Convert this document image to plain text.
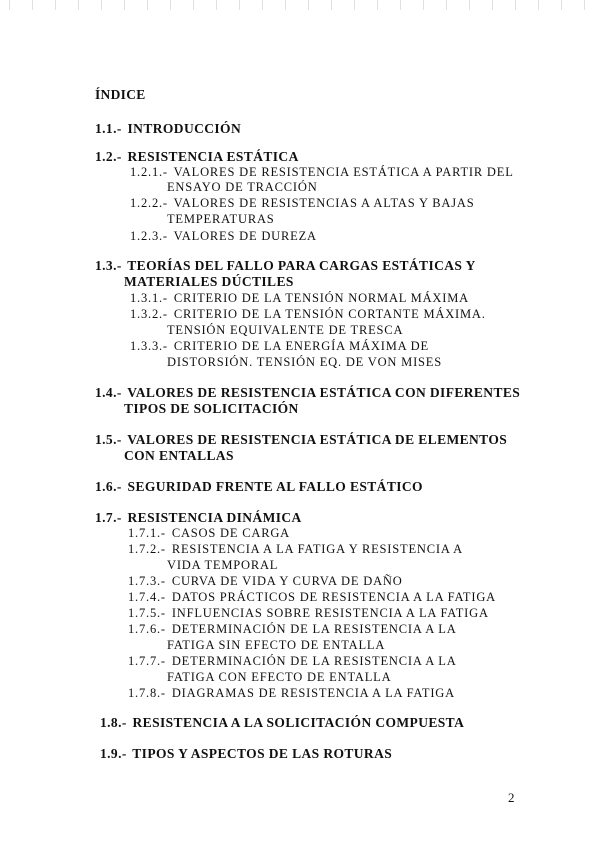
ÍNDICE
1.1.- INTRODUCCIÓN
1.2.- RESISTENCIA ESTÁTICA
1.2.1.- VALORES DE RESISTENCIA ESTÁTICA A PARTIR DEL
ENSAYO DE TRACCIÓN
1.2.2.- VALORES DE RESISTENCIAS A ALTAS Y BAJAS
TEMPERATURAS
1.2.3.- VALORES DE DUREZA
1.3.- TEORÍAS DEL FALLO PARA CARGAS ESTÁTICAS Y
MATERIALES DÚCTILES
1.3.1.- CRITERIO DE LA TENSIÓN NORMAL MÁXIMA
1.3.2.- CRITERIO DE LA TENSIÓN CORTANTE MÁXIMA.
TENSIÓN EQUIVALENTE DE TRESCA
1.3.3.- CRITERIO DE LA ENERGÍA MÁXIMA DE
DISTORSIÓN. TENSIÓN EQ. DE VON MISES
1.4.- VALORES DE RESISTENCIA ESTÁTICA CON DIFERENTES
TIPOS DE SOLICITACIÓN
1.5.- VALORES DE RESISTENCIA ESTÁTICA DE ELEMENTOS
CON ENTALLAS
1.6.- SEGURIDAD FRENTE AL FALLO ESTÁTICO
1.7.- RESISTENCIA DINÁMICA
1.7.1.- CASOS DE CARGA
1.7.2.- RESISTENCIA A LA FATIGA Y RESISTENCIA A
VIDA TEMPORAL
1.7.3.- CURVA DE VIDA Y CURVA DE DAÑO
1.7.4.- DATOS PRÁCTICOS DE RESISTENCIA A LA FATIGA
1.7.5.- INFLUENCIAS SOBRE RESISTENCIA A LA FATIGA
1.7.6.- DETERMINACIÓN DE LA RESISTENCIA A LA
FATIGA SIN EFECTO DE ENTALLA
1.7.7.- DETERMINACIÓN DE LA RESISTENCIA A LA
FATIGA CON EFECTO DE ENTALLA
1.7.8.- DIAGRAMAS DE RESISTENCIA A LA FATIGA
1.8.- RESISTENCIA A LA SOLICITACIÓN COMPUESTA
1.9.- TIPOS Y ASPECTOS DE LAS ROTURAS
2
